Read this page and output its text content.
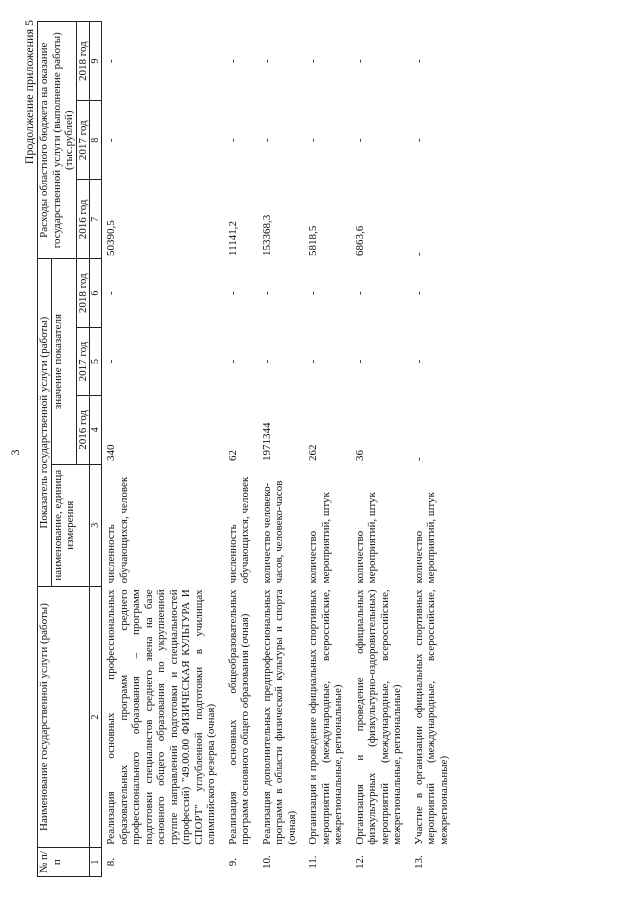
3
Продолжение приложения 5
№ п/п	Наименование государственной услуги (работы)	Показатель государственной услуги (работы)				Расходы областного бюджета на оказание государственной услуги (выполнение работы) (тыс.рублей)		
		наименование, единица измерения	значение показателя					
			2016 год	2017 год	2018 год	2016 год	2017 год	2018 год
1	2	3	4	5	6	7	8	9
8.	Реализация основных профессиональных образовательных программ среднего профессионального образования – программ подготовки специалистов среднего звена на базе основного общего образования по укрупненной группе направлений подготовки и специальностей (профессий) "49.00.00 ФИЗИЧЕСКАЯ КУЛЬТУРА И СПОРТ" углубленной подготовки в училищах олимпийского резерва (очная)	численность обучающихся, человек	340	-	-	50390,5	-	-
9.	Реализация основных общеобразовательных программ основного общего образования (очная)	численность обучающихся, человек	62	-	-	11141,2	-	-
10.	Реализация дополнительных предпрофессиональных программ в области физической культуры и спорта (очная)	количество человеко-часов, человеко-часов	1971344	-	-	153368,3	-	-
11.	Организация и проведение официальных спортивных мероприятий (международные, всероссийские, межрегиональные, региональные)	количество мероприятий, штук	262	-	-	5818,5	-	-
12.	Организация и проведение официальных физкультурных (физкультурно-оздоровительных) мероприятий (международные, всероссийские, межрегиональные, региональные)	количество мероприятий, штук	36	-	-	6863,6	-	-
13.	Участие в организации официальных спортивных мероприятий (международные, всероссийские, межрегиональные)	количество мероприятий, штук	-	-	-	-	-	-
